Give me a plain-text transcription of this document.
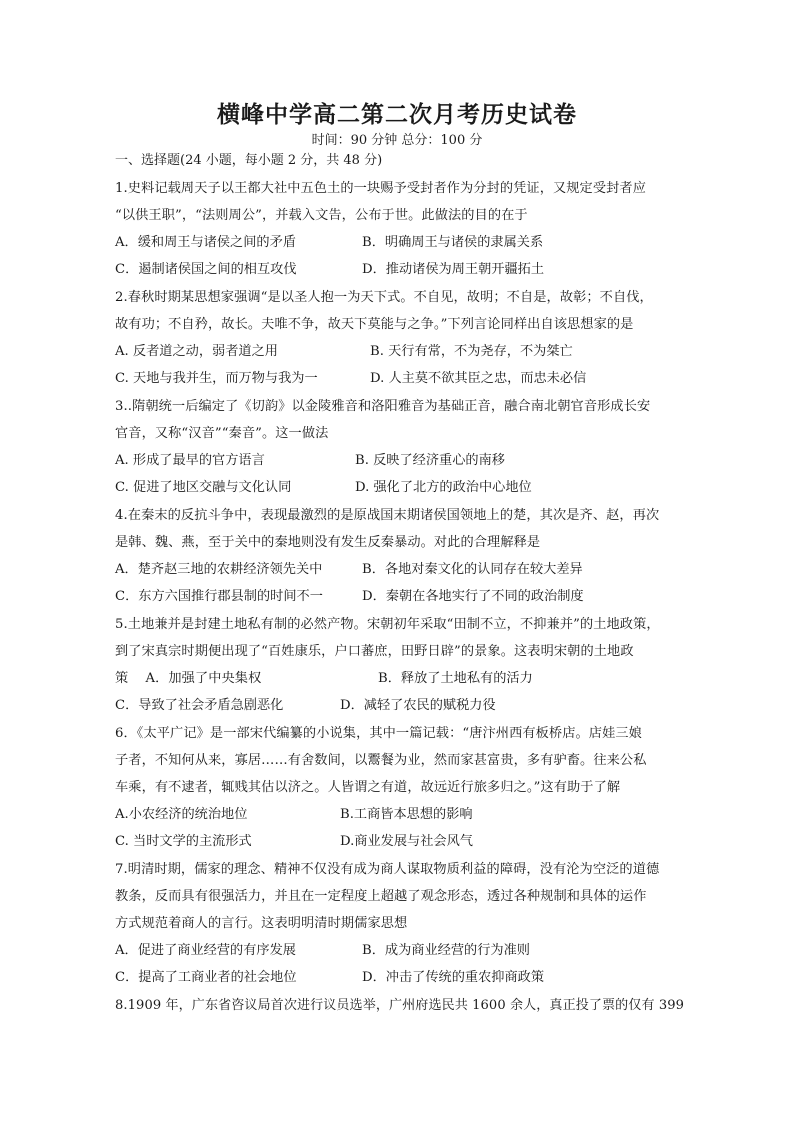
横峰中学高二第二次月考历史试卷
时间：90 分钟 总分：100 分
一、选择题(24 小题，每小题 2 分，共 48 分)
1.史料记载周天子以王都大社中五色土的一块赐予受封者作为分封的凭证，又规定受封者应
“以供王职”，“法则周公”，并载入文告，公布于世。此做法的目的在于
A．缓和周王与诸侯之间的矛盾	B．明确周王与诸侯的隶属关系
C．遏制诸侯国之间的相互攻伐	D．推动诸侯为周王朝开疆拓土
2.春秋时期某思想家强调“是以圣人抱一为天下式。不自见，故明；不自是，故彰；不自伐，
故有功；不自矜，故长。夫唯不争，故天下莫能与之争。”下列言论同样出自该思想家的是
A. 反者道之动，弱者道之用	B. 天行有常，不为尧存，不为桀亡
C. 天地与我并生，而万物与我为一	D. 人主莫不欲其臣之忠，而忠未必信
3..隋朝统一后编定了《切韵》以金陵雅音和洛阳雅音为基础正音，融合南北朝官音形成长安
官音，又称“汉音”“秦音”。这一做法
A. 形成了最早的官方语言	B. 反映了经济重心的南移
C. 促进了地区交融与文化认同	D. 强化了北方的政治中心地位
4.在秦末的反抗斗争中，表现最激烈的是原战国末期诸侯国领地上的楚，其次是齐、赵，再次
是韩、魏、燕，至于关中的秦地则没有发生反秦暴动。对此的合理解释是
A．楚齐赵三地的农耕经济领先关中	B．各地对秦文化的认同存在较大差异
C．东方六国推行郡县制的时间不一	D．秦朝在各地实行了不同的政治制度
5.土地兼并是封建土地私有制的必然产物。宋朝初年采取“田制不立，不抑兼并”的土地政策，
到了宋真宗时期便出现了“百姓康乐，户口蕃庶，田野日辟”的景象。这表明宋朝的土地政
策    A．加强了中央集权	B．释放了土地私有的活力
C．导致了社会矛盾急剧恶化	D．减轻了农民的赋税力役
6．《太平广记》是一部宋代编纂的小说集，其中一篇记载：“唐汴州西有板桥店。店娃三娘
子者，不知何从来，寡居……有舍数间，以鬻餐为业，然而家甚富贵，多有驴畜。往来公私
车乘，有不逮者，辄贱其估以济之。人皆谓之有道，故远近行旅多归之。”这有助于了解
A.小农经济的统治地位	B.工商皆本思想的影响
C. 当时文学的主流形式	D.商业发展与社会风气
7.明清时期，儒家的理念、精神不仅没有成为商人谋取物质利益的障碍，没有沦为空泛的道德
教条，反而具有很强活力，并且在一定程度上超越了观念形态，透过各种规制和具体的运作
方式规范着商人的言行。这表明明清时期儒家思想
A．促进了商业经营的有序发展	B．成为商业经营的行为准则
C．提高了工商业者的社会地位	D．冲击了传统的重农抑商政策
8.1909 年，广东省咨议局首次进行议员选举，广州府选民共 1600 余人，真正投了票的仅有 399
